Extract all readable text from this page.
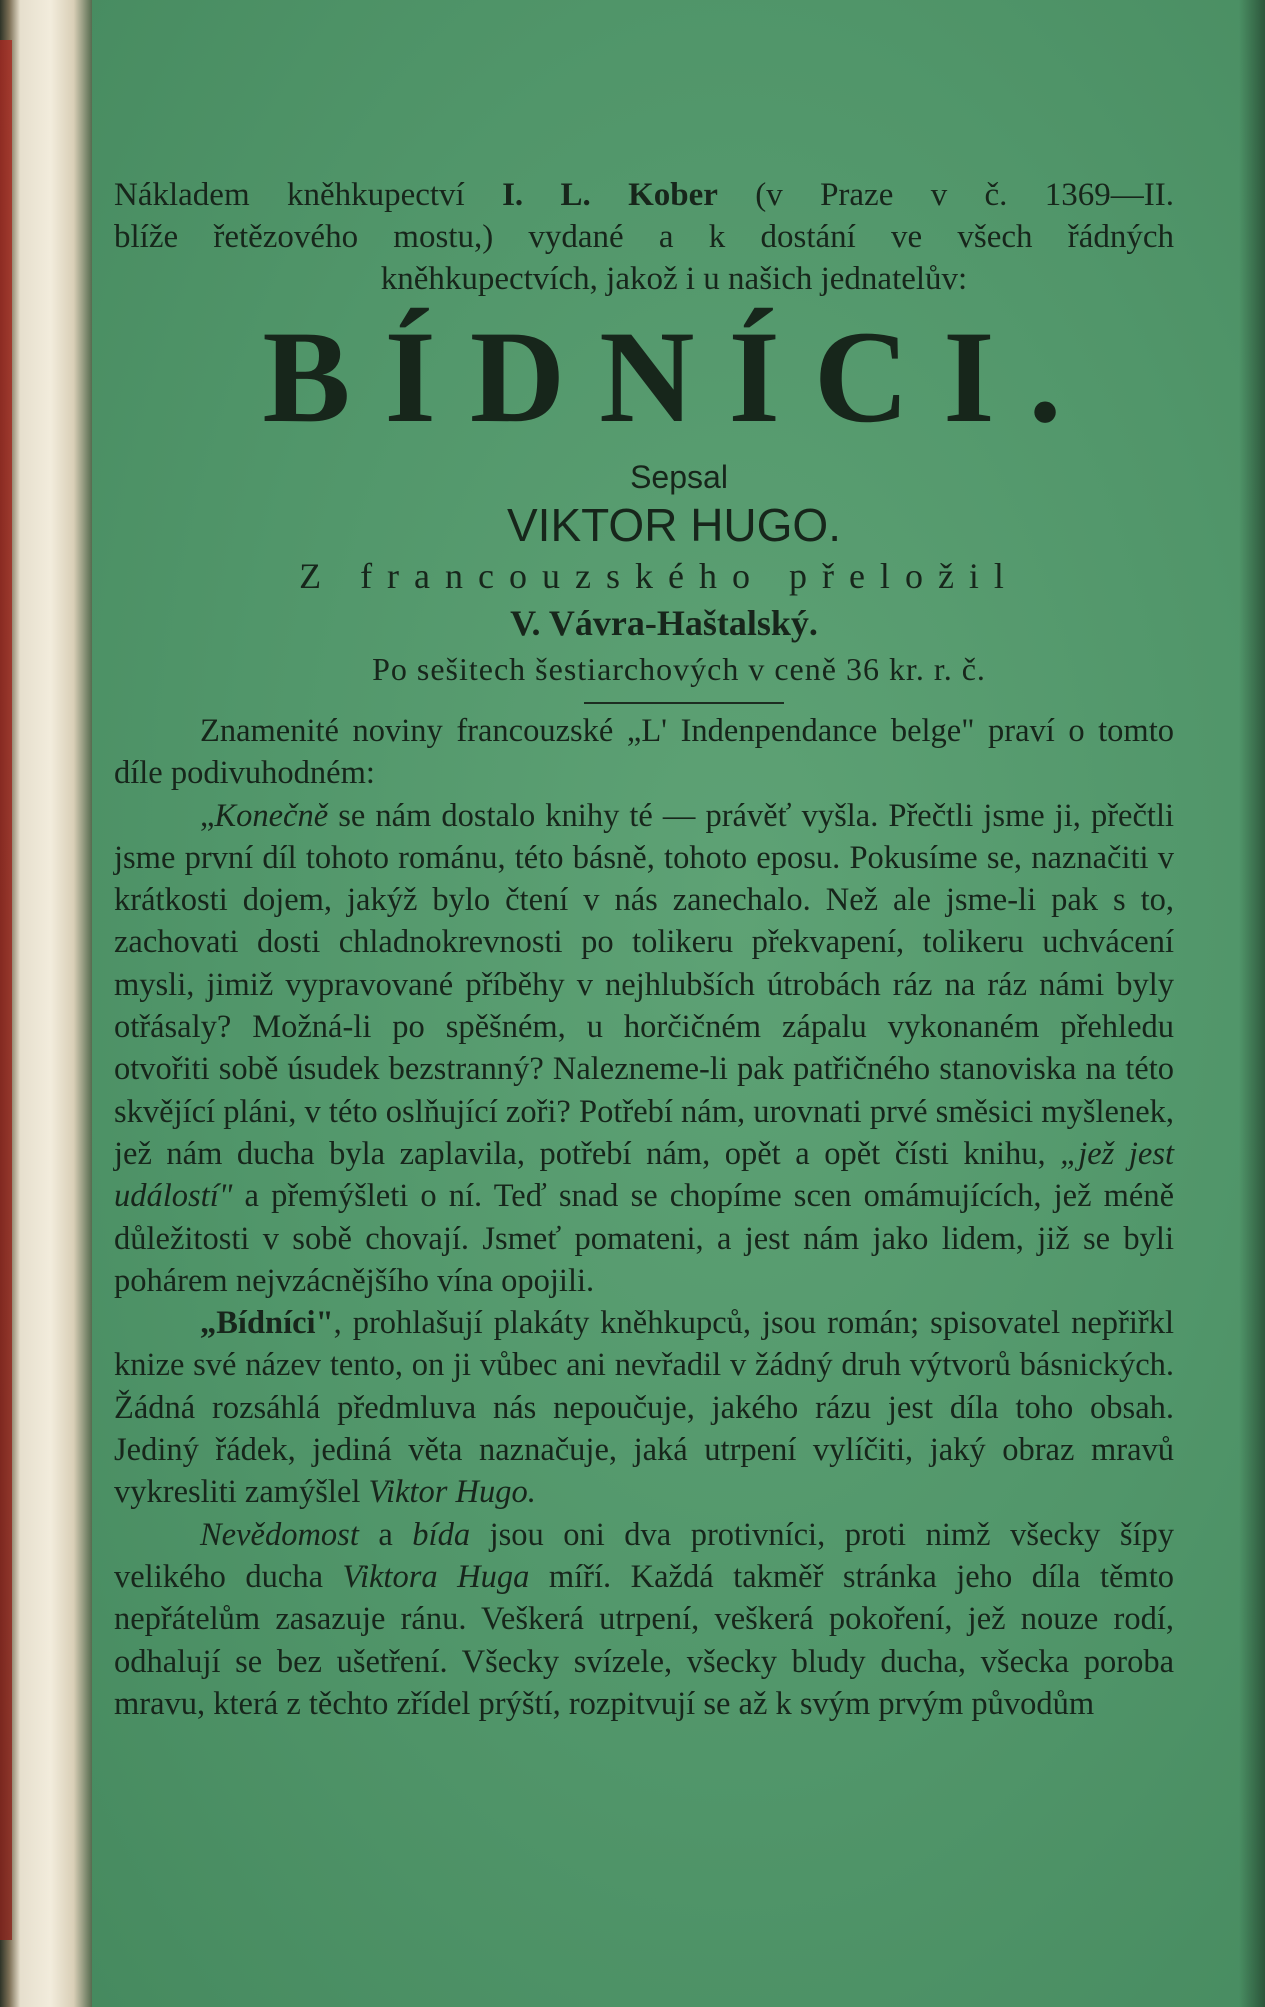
Nákladem kněhkupectví I. L. Kober (v Praze v č. 1369—II.
blíže řetězového mostu,) vydané a k dostání ve všech řádných
kněhkupectvích, jakož i u našich jednatelův:
BÍDNÍCI.
Sepsal
VIKTOR HUGO.
Z francouzského přeložil
V. Vávra-Haštalský.
Po sešitech šestiarchových v ceně 36 kr. r. č.

Znamenité noviny francouzské „L' Indenpendance belge" praví o tomto díle podivuhodném:

„Konečně se nám dostalo knihy té — právěť vyšla. Přečtli jsme ji, přečtli jsme první díl tohoto románu, této básně, tohoto eposu. Pokusíme se, naznačiti v krátkosti dojem, jakýž bylo čtení v nás zanechalo. Než ale jsme-li pak s to, zachovati dosti chladnokrevnosti po tolikeru překvapení, tolikeru uchvácení mysli, jimiž vypravované příběhy v nejhlubších útrobách ráz na ráz námi byly otřásaly? Možná-li po spěšném, u horčičném zápalu vykonaném přehledu otvořiti sobě úsudek bezstranný? Nalezneme-li pak patřičného stanoviska na této skvějící pláni, v této oslňující zoři? Potřebí nám, urovnati prvé směsici myšlenek, jež nám ducha byla zaplavila, potřebí nám, opět a opět čísti knihu, „jež jest událostí" a přemýšleti o ní. Teď snad se chopíme scen omámujících, jež méně důležitosti v sobě chovají. Jsmeť pomateni, a jest nám jako lidem, již se byli pohárem nejvzácnějšího vína opojili.

„Bídníci", prohlašují plakáty kněhkupců, jsou román; spisovatel nepřiřkl knize své název tento, on ji vůbec ani nevřadil v žádný druh výtvorů básnických. Žádná rozsáhlá předmluva nás nepoučuje, jakého rázu jest díla toho obsah. Jediný řádek, jediná věta naznačuje, jaká utrpení vylíčiti, jaký obraz mravů vykresliti zamýšlel Viktor Hugo.

Nevědomost a bída jsou oni dva protivníci, proti nimž všecky šípy velikého ducha Viktora Huga míří. Každá takměř stránka jeho díla těmto nepřátelům zasazuje ránu. Veškerá utrpení, veškerá pokoření, jež nouze rodí, odhalují se bez ušetření. Všecky svízele, všecky bludy ducha, všecka poroba mravu, která z těchto zřídel prýští, rozpitvují se až k svým prvým původům
